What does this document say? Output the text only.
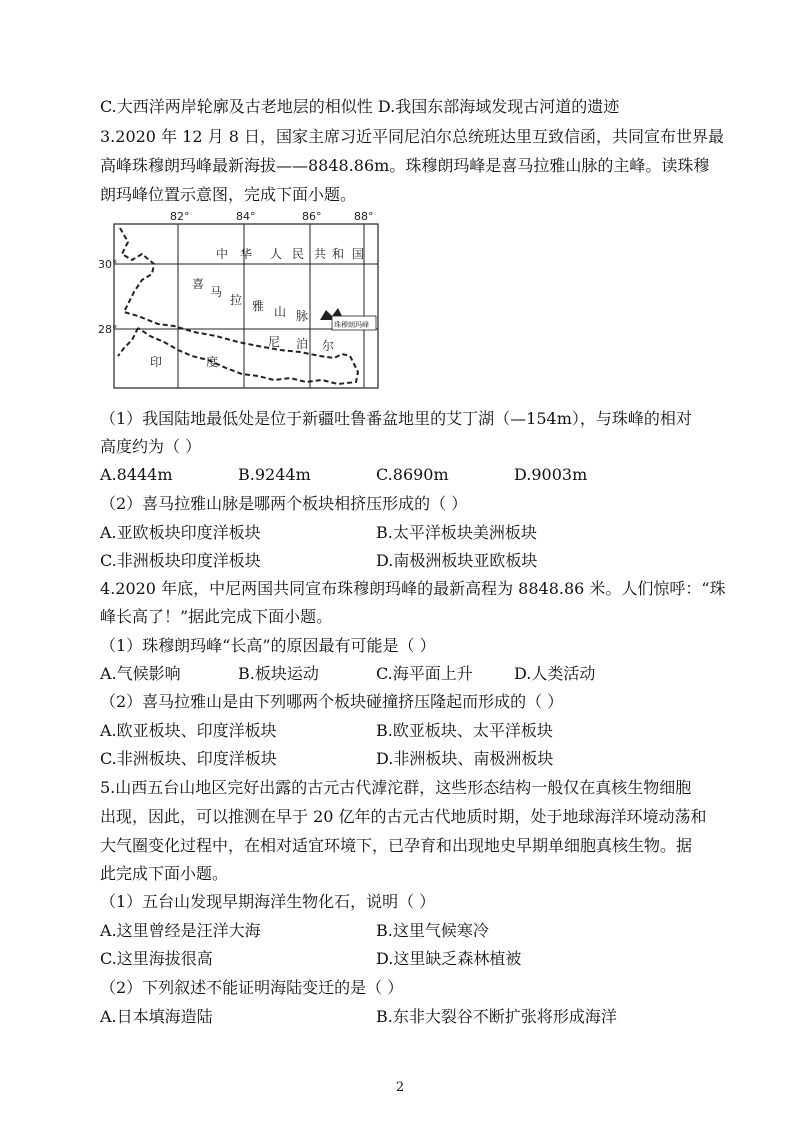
C.大西洋两岸轮廓及古老地层的相似性 D.我国东部海域发现古河道的遗迹
3.2020 年 12 月 8 日，国家主席习近平同尼泊尔总统班达里互致信函，共同宣布世界最
高峰珠穆朗玛峰最新海拔——8848.86m。珠穆朗玛峰是喜马拉雅山脉的主峰。读珠穆
朗玛峰位置示意图，完成下面小题。
82°	84°	86°	88°
30°
28°
中 华 人 民 共 和 国
喜
马
拉 雅 山 脉
尼 泊 尔
印	度
珠穆朗玛峰
（1）我国陆地最低处是位于新疆吐鲁番盆地里的艾丁湖（—154m），与珠峰的相对
高度约为（ ）
A.8444m	B.9244m	C.8690m	D.9003m
（2）喜马拉雅山脉是哪两个板块相挤压形成的（ ）
A.亚欧板块印度洋板块	B.太平洋板块美洲板块
C.非洲板块印度洋板块	D.南极洲板块亚欧板块
4.2020 年底，中尼两国共同宣布珠穆朗玛峰的最新高程为 8848.86 米。人们惊呼：“珠
峰长高了！”据此完成下面小题。
（1）珠穆朗玛峰“长高”的原因最有可能是（ ）
A.气候影响	B.板块运动	C.海平面上升	D.人类活动
（2）喜马拉雅山是由下列哪两个板块碰撞挤压隆起而形成的（ ）
A.欧亚板块、印度洋板块	B.欧亚板块、太平洋板块
C.非洲板块、印度洋板块	D.非洲板块、南极洲板块
5.山西五台山地区完好出露的古元古代滹沱群，这些形态结构一般仅在真核生物细胞
出现，因此，可以推测在早于 20 亿年的古元古代地质时期，处于地球海洋环境动荡和
大气圈变化过程中，在相对适宜环境下，已孕育和出现地史早期单细胞真核生物。据
此完成下面小题。
（1）五台山发现早期海洋生物化石，说明（ ）
A.这里曾经是汪洋大海	B.这里气候寒冷
C.这里海拔很高	D.这里缺乏森林植被
（2）下列叙述不能证明海陆变迁的是（ ）
A.日本填海造陆	B.东非大裂谷不断扩张将形成海洋
2
